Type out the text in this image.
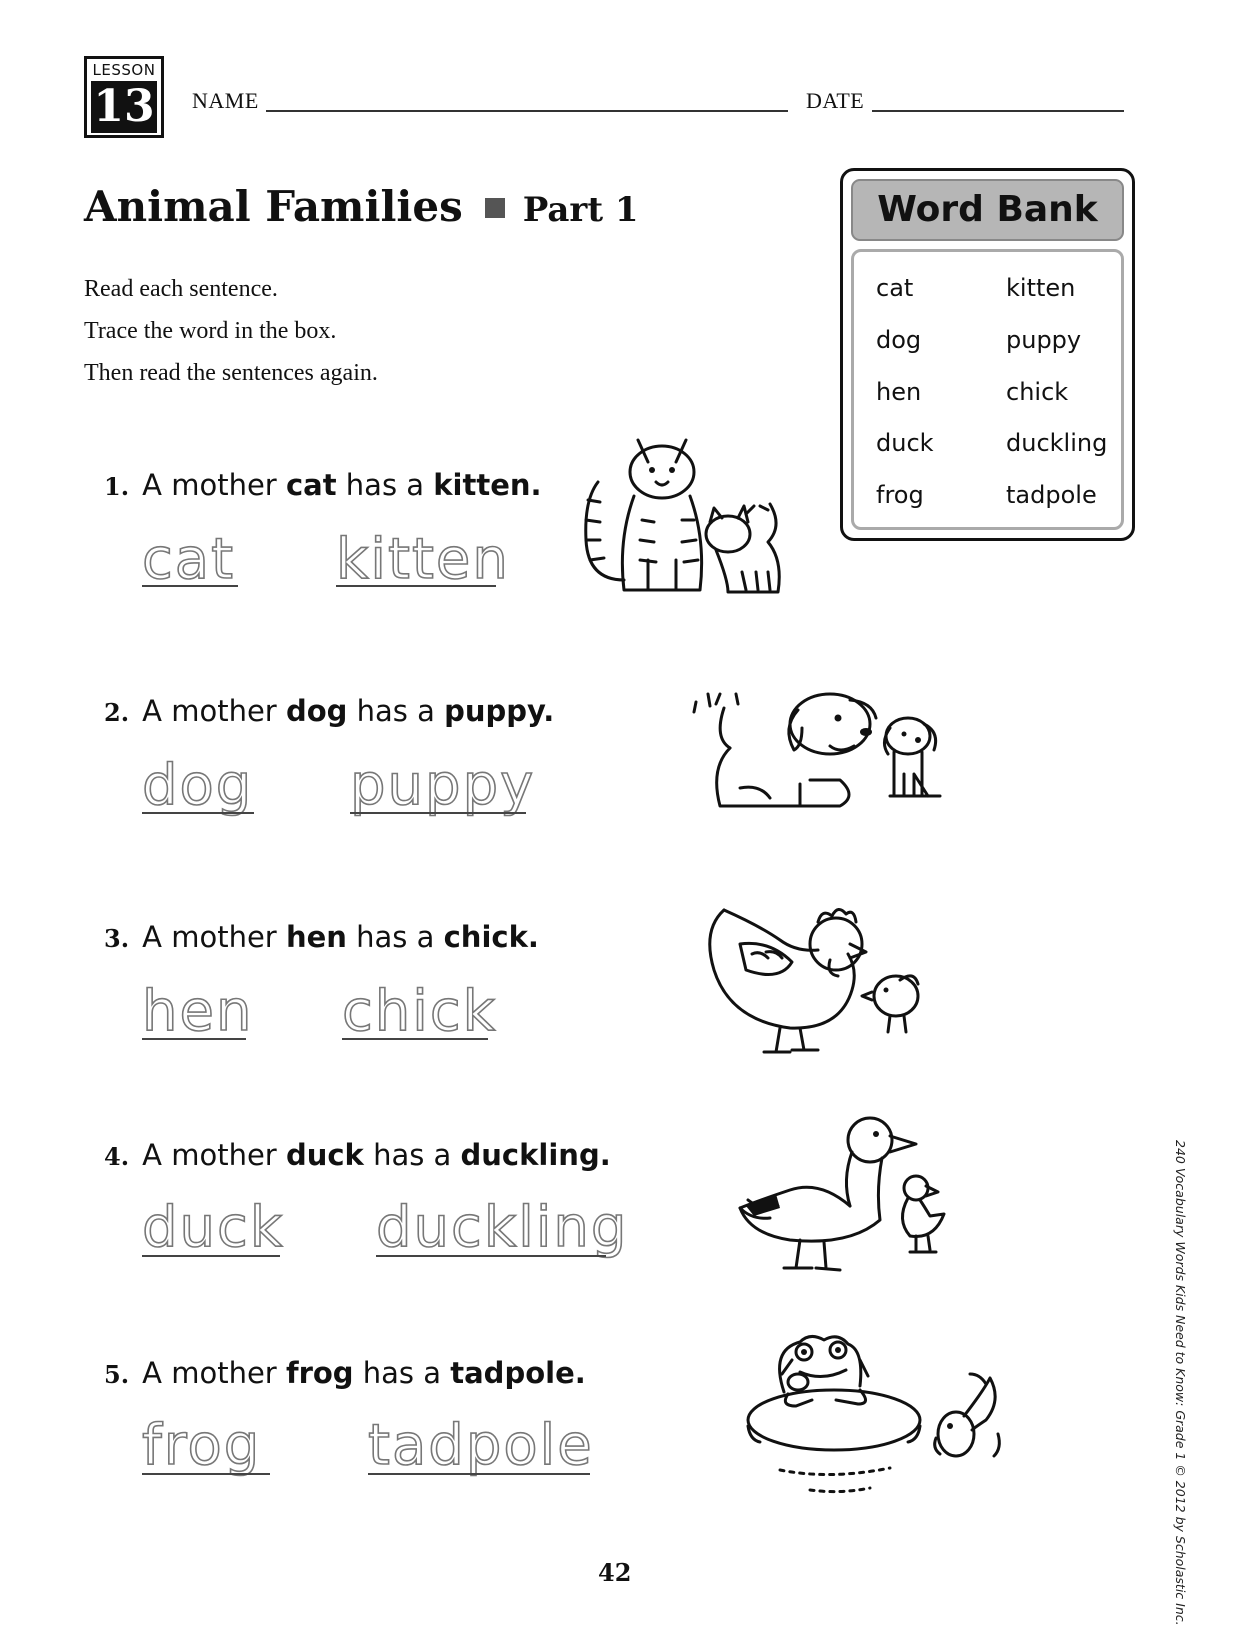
LESSON
13 NAME	DATE
Animal Families Part 1
Read each sentence.
Trace the word in the box.
Then read the sentences again.
Word Bank
cat	kitten
dog	puppy
hen	chick
duck	duckling
frog	tadpole
1. A mother cat has a kitten.
cat kitten
2. A mother dog has a puppy.
dog puppy
3. A mother hen has a chick.
hen chick
4. A mother duck has a duckling.
duck duckling
5. A mother frog has a tadpole.
frog tadpole
42	240 Vocabulary Words Kids Need to Know: Grade 1 © 2012 by Scholastic Inc.
